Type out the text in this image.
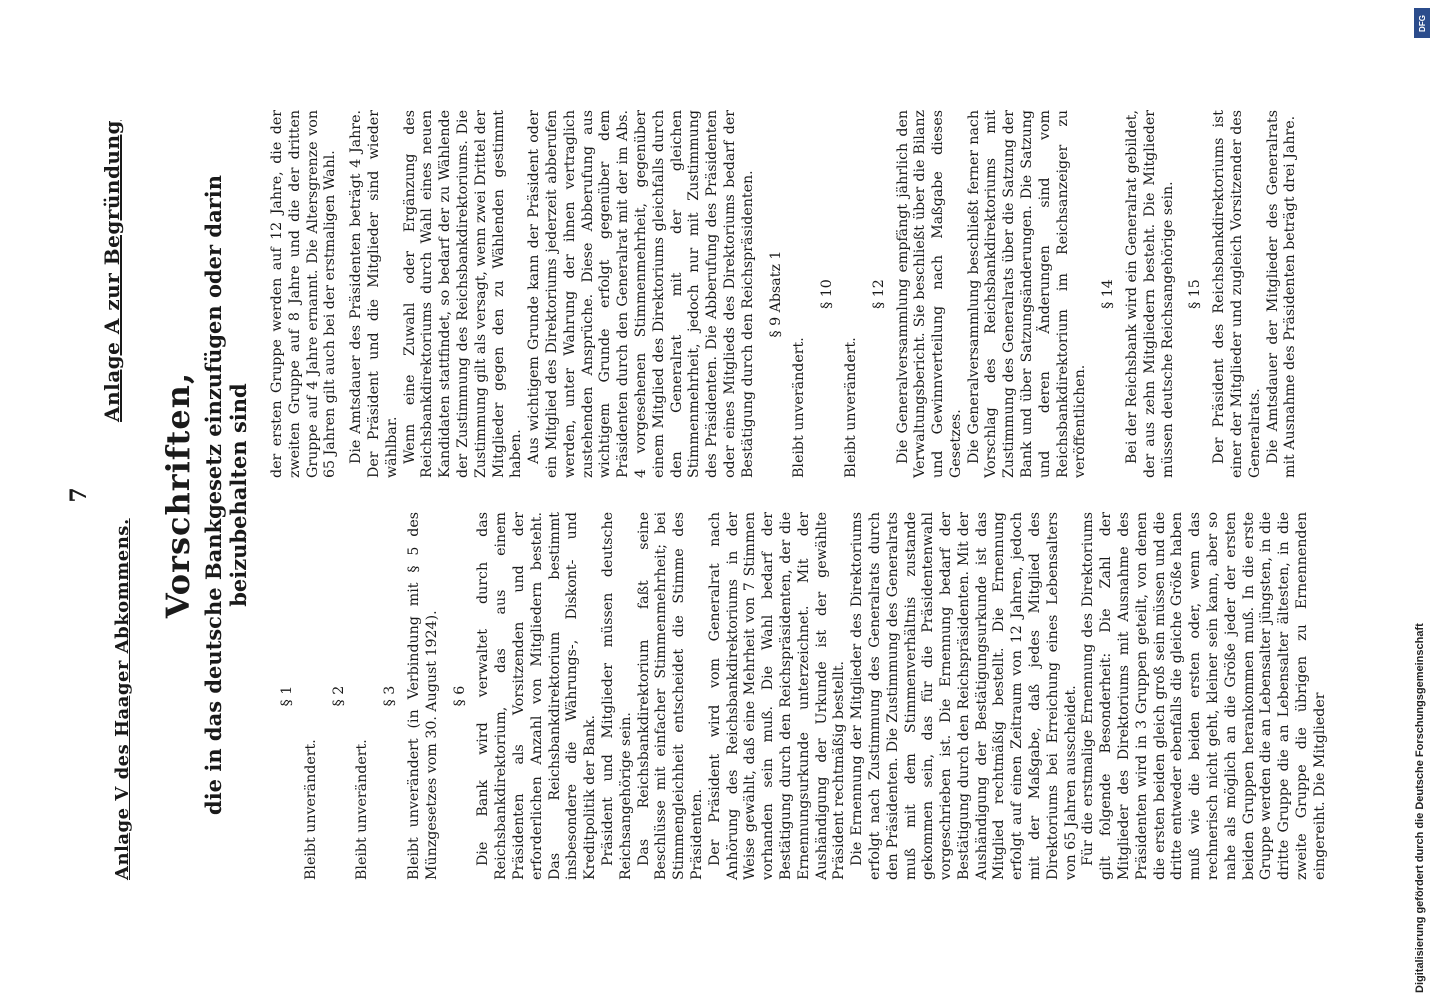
7
Anlage A zur Begründung
Anlage V des Haager Abkommens.
Vorschriften, die in das deutsche Bankgesetz einzufügen oder darin beizubehalten sind
§ 1

Bleibt unverändert.

§ 2

Bleibt unverändert.

§ 3 Bleibt unverändert (in Verbindung mit § 5 des Münzgesetzes vom 30. August 1924). § 6 Die Bank wird verwaltet durch das Reichsbankdirektorium, das aus einem Präsidenten als Vorsitzenden und der erforderlichen Anzahl von Mitgliedern besteht. Das Reichsbankdirektorium bestimmt insbesondere die Währungs-, Diskont- und Kreditpolitik der Bank. Präsident und Mitglieder müssen deutsche Reichsangehörige sein. Das Reichsbankdirektorium faßt seine Beschlüsse mit einfacher Stimmenmehrheit; bei Stimmengleichheit entscheidet die Stimme des Präsidenten. Der Präsident wird vom Generalrat nach Anhörung des Reichsbankdirektoriums in der Weise gewählt, daß eine Mehrheit von 7 Stimmen vorhanden sein muß. Die Wahl bedarf der Bestätigung durch den Reichspräsidenten, der die Ernennungsurkunde unterzeichnet. Mit der Aushändigung der Urkunde ist der gewählte Präsident rechtmäßig bestellt. Die Ernennung der Mitglieder des Direktoriums erfolgt nach Zustimmung des Generalrats durch den Präsidenten. Die Zustimmung des Generalrats muß mit dem Stimmenverhältnis zustande gekommen sein, das für die Präsidentenwahl vorgeschrieben ist. Die Ernennung bedarf der Bestätigung durch den Reichspräsidenten. Mit der Aushändigung der Bestätigungsurkunde ist das Mitglied rechtmäßig bestellt. Die Ernennung erfolgt auf einen Zeitraum von 12 Jahren, jedoch mit der Maßgabe, daß jedes Mitglied des Direktoriums bei Erreichung eines Lebensalters von 65 Jahren ausscheidet. Für die erstmalige Ernennung des Direktoriums gilt folgende Besonderheit: Die Zahl der Mitglieder des Direktoriums mit Ausnahme des Präsidenten wird in 3 Gruppen geteilt, von denen die ersten beiden gleich groß sein müssen und die dritte entweder ebenfalls die gleiche Größe haben muß wie die beiden ersten oder, wenn das rechnerisch nicht geht, kleiner sein kann, aber so nahe als möglich an die Größe jeder der ersten beiden Gruppen herankommen muß. In die erste Gruppe werden die an Lebensalter jüngsten, in die dritte Gruppe die an Lebensalter ältesten, in die zweite Gruppe die übrigen zu Ernennenden eingereiht. Die Mitglieder

der ersten Gruppe werden auf 12 Jahre, die der zweiten Gruppe auf 8 Jahre und die der dritten Gruppe auf 4 Jahre ernannt. Die Altersgrenze von 65 Jahren gilt auch bei der erstmaligen Wahl. Die Amtsdauer des Präsidenten beträgt 4 Jahre. Der Präsident und die Mitglieder sind wieder wählbar. Wenn eine Zuwahl oder Ergänzung des Reichsbankdirektoriums durch Wahl eines neuen Kandidaten stattfindet, so bedarf der zu Wählende der Zustimmung des Reichsbankdirektoriums. Die Zustimmung gilt als versagt, wenn zwei Drittel der Mitglieder gegen den zu Wählenden gestimmt haben. Aus wichtigem Grunde kann der Präsident oder ein Mitglied des Direktoriums jederzeit abberufen werden, unter Wahrung der ihnen vertraglich zustehenden Ansprüche. Diese Abberufung aus wichtigem Grunde erfolgt gegenüber dem Präsidenten durch den Generalrat mit der im Abs. 4 vorgesehenen Stimmenmehrheit, gegenüber einem Mitglied des Direktoriums gleichfalls durch den Generalrat mit der gleichen Stimmenmehrheit, jedoch nur mit Zustimmung des Präsidenten. Die Abberufung des Präsidenten oder eines Mitglieds des Direktoriums bedarf der Bestätigung durch den Reichspräsidenten. § 9 Absatz 1

Bleibt unverändert.

§ 10

Bleibt unverändert.

§ 12 Die Generalversammlung empfängt jährlich den Verwaltungsbericht. Sie beschließt über die Bilanz und Gewinnverteilung nach Maßgabe dieses Gesetzes. Die Generalversammlung beschließt ferner nach Vorschlag des Reichsbankdirektoriums mit Zustimmung des Generalrats über die Satzung der Bank und über Satzungsänderungen. Die Satzung und deren Änderungen sind vom Reichsbankdirektorium im Reichsanzeiger zu veröffentlichen.

§ 14 Bei der Reichsbank wird ein Generalrat gebildet, der aus zehn Mitgliedern besteht. Die Mitglieder müssen deutsche Reichsangehörige sein. § 15 Der Präsident des Reichsbankdirektoriums ist einer der Mitglieder und zugleich Vorsitzender des Generalrats. Die Amtsdauer der Mitglieder des Generalrats mit Ausnahme des Präsidenten beträgt drei Jahre.

Digitalisierung gefördert durch die Deutsche Forschungsgemeinschaft
DFG
